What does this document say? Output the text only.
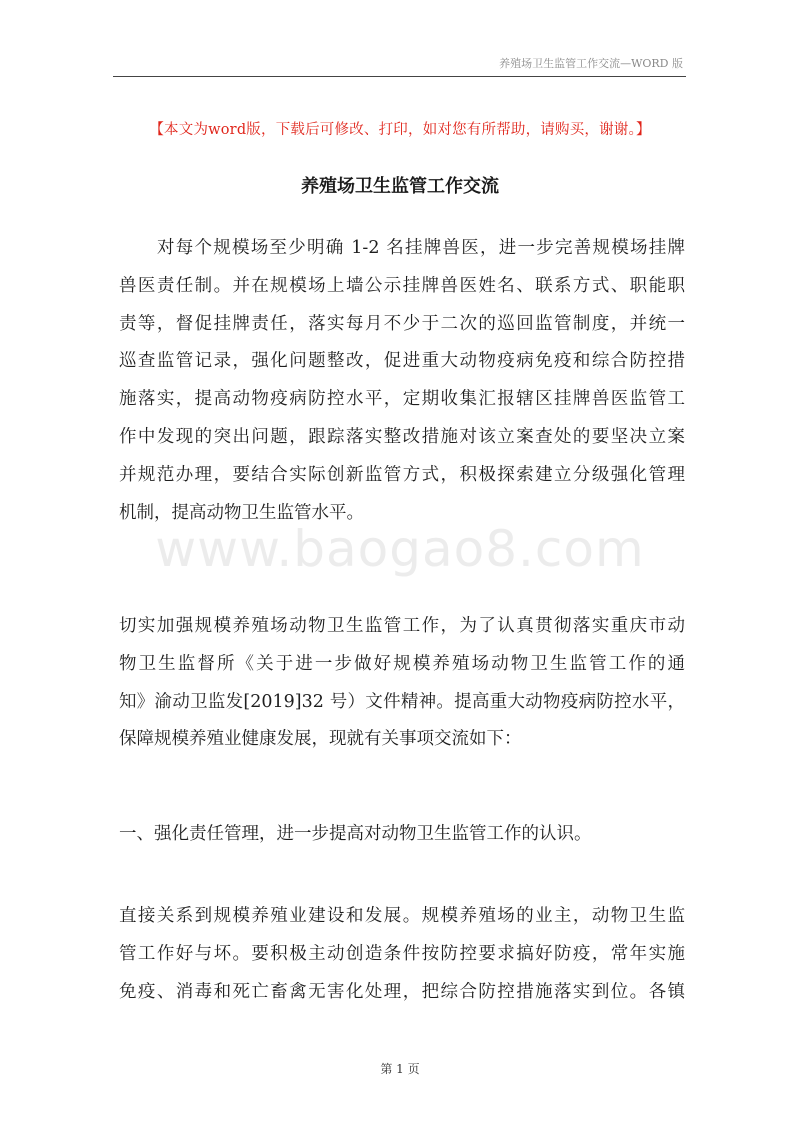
养殖场卫生监管工作交流—WORD 版
【本文为word版，下载后可修改、打印，如对您有所帮助，请购买，谢谢。】
养殖场卫生监管工作交流
www.baogao8.com
对每个规模场至少明确 1-2 名挂牌兽医，进一步完善规模场挂牌
兽医责任制。并在规模场上墙公示挂牌兽医姓名、联系方式、职能职
责等，督促挂牌责任，落实每月不少于二次的巡回监管制度，并统一
巡查监管记录，强化问题整改，促进重大动物疫病免疫和综合防控措
施落实，提高动物疫病防控水平，定期收集汇报辖区挂牌兽医监管工
作中发现的突出问题，跟踪落实整改措施对该立案查处的要坚决立案
并规范办理，要结合实际创新监管方式，积极探索建立分级强化管理
机制，提高动物卫生监管水平。
切实加强规模养殖场动物卫生监管工作，为了认真贯彻落实重庆市动
物卫生监督所《关于进一步做好规模养殖场动物卫生监管工作的通
知》渝动卫监发[2019]32 号）文件精神。提高重大动物疫病防控水平，
保障规模养殖业健康发展，现就有关事项交流如下：
一、强化责任管理，进一步提高对动物卫生监管工作的认识。
直接关系到规模养殖业建设和发展。规模养殖场的业主，动物卫生监
管工作好与坏。要积极主动创造条件按防控要求搞好防疫，常年实施
免疫、消毒和死亡畜禽无害化处理，把综合防控措施落实到位。各镇
第 1 页
